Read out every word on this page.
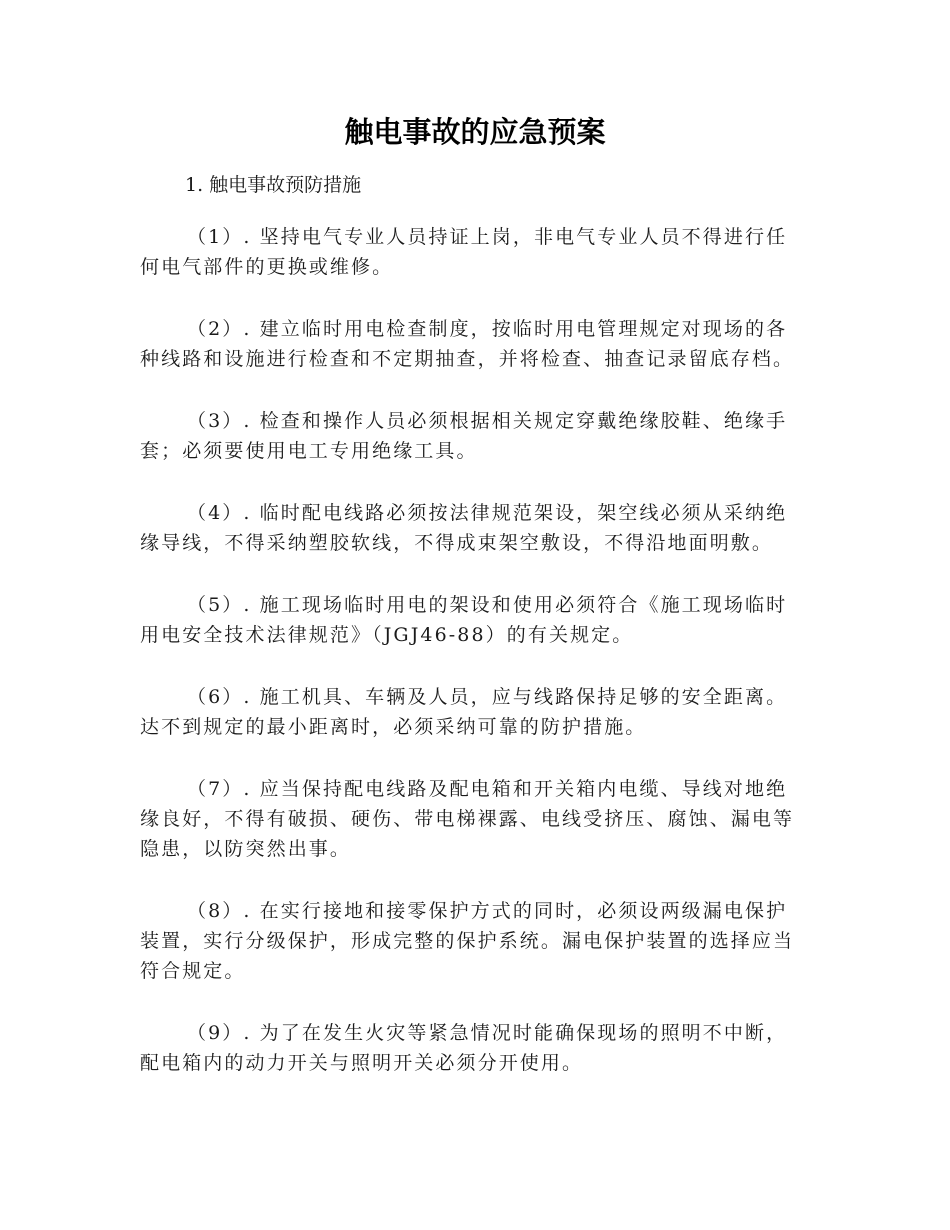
触电事故的应急预案

1. 触电事故预防措施

（1）. 坚持电气专业人员持证上岗，非电气专业人员不得进行任何电气部件的更换或维修。

（2）. 建立临时用电检查制度，按临时用电管理规定对现场的各种线路和设施进行检查和不定期抽查，并将检查、抽查记录留底存档。

（3）. 检查和操作人员必须根据相关规定穿戴绝缘胶鞋、绝缘手套；必须要使用电工专用绝缘工具。

（4）. 临时配电线路必须按法律规范架设，架空线必须从采纳绝缘导线，不得采纳塑胶软线，不得成束架空敷设，不得沿地面明敷。

（5）. 施工现场临时用电的架设和使用必须符合《施工现场临时用电安全技术法律规范》（JGJ46-88）的有关规定。

（6）. 施工机具、车辆及人员，应与线路保持足够的安全距离。达不到规定的最小距离时，必须采纳可靠的防护措施。

（7）. 应当保持配电线路及配电箱和开关箱内电缆、导线对地绝缘良好，不得有破损、硬伤、带电梯裸露、电线受挤压、腐蚀、漏电等隐患，以防突然出事。

（8）. 在实行接地和接零保护方式的同时，必须设两级漏电保护装置，实行分级保护，形成完整的保护系统。漏电保护装置的选择应当符合规定。

（9）. 为了在发生火灾等紧急情况时能确保现场的照明不中断，配电箱内的动力开关与照明开关必须分开使用。
